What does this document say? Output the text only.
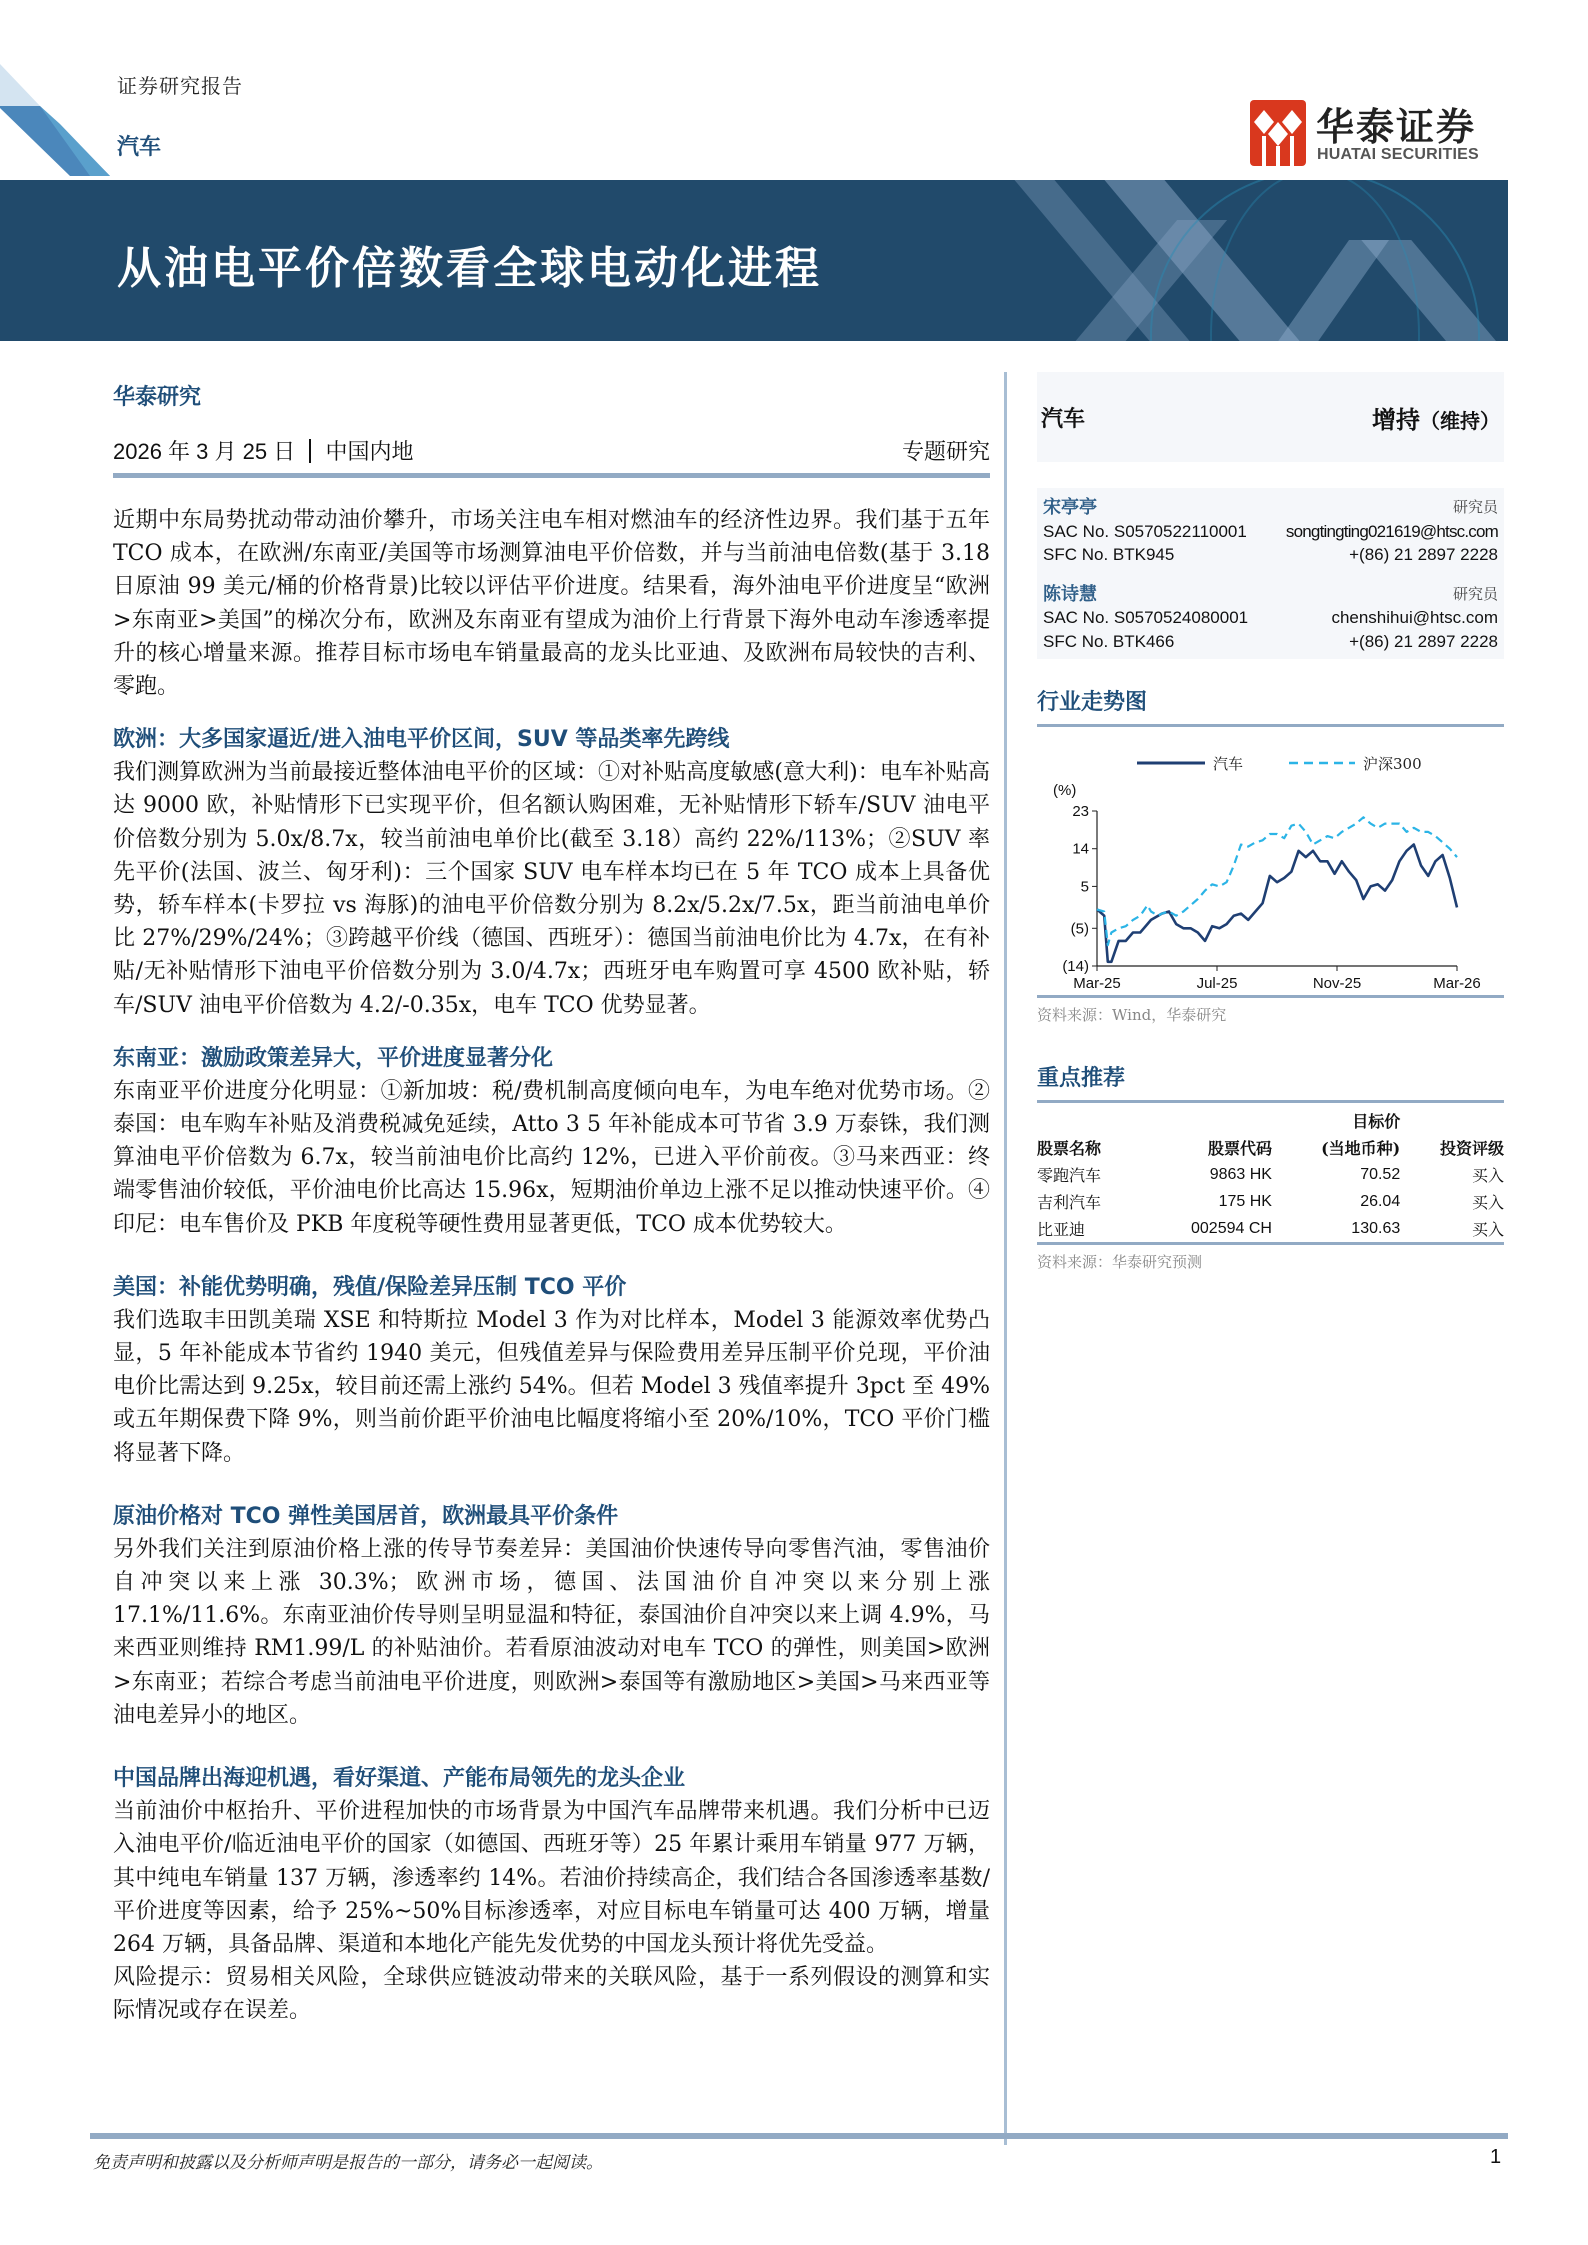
证券研究报告
汽车	华泰证券
HUATAI SECURITIES
从油电平价倍数看全球电动化进程
华泰研究
2026 年 3 月 25 日 中国内地	专题研究

近期中东局势扰动带动油价攀升，市场关注电车相对燃油车的经济性边界。我们基于五年 TCO 成本，在欧洲/东南亚/美国等市场测算油电平价倍数，并与当前油电倍数(基于 3.18 日原油 99 美元/桶的价格背景)比较以评估平价进度。结果看，海外油电平价进度呈“欧洲>东南亚>美国”的梯次分布，欧洲及东南亚有望成为油价上行背景下海外电动车渗透率提升的核心增量来源。推荐目标市场电车销量最高的龙头比亚迪、及欧洲布局较快的吉利、零跑。

欧洲：大多国家逼近/进入油电平价区间，SUV 等品类率先跨线

我们测算欧洲为当前最接近整体油电平价的区域：①对补贴高度敏感(意大利)：电车补贴高达 9000 欧，补贴情形下已实现平价，但名额认购困难，无补贴情形下轿车/SUV 油电平价倍数分别为 5.0x/8.7x，较当前油电单价比(截至 3.18）高约 22%/113%；②SUV 率先平价(法国、波兰、匈牙利)：三个国家 SUV 电车样本均已在 5 年 TCO 成本上具备优势，轿车样本(卡罗拉 vs 海豚)的油电平价倍数分别为 8.2x/5.2x/7.5x，距当前油电单价比 27%/29%/24%；③跨越平价线（德国、西班牙）：德国当前油电价比为 4.7x，在有补贴/无补贴情形下油电平价倍数分别为 3.0/4.7x；西班牙电车购置可享 4500 欧补贴，轿车/SUV 油电平价倍数为 4.2/-0.35x，电车 TCO 优势显著。

东南亚：激励政策差异大，平价进度显著分化

东南亚平价进度分化明显：①新加坡：税/费机制高度倾向电车，为电车绝对优势市场。②泰国：电车购车补贴及消费税减免延续，Atto 3 5 年补能成本可节省 3.9 万泰铢，我们测算油电平价倍数为 6.7x，较当前油电价比高约 12%，已进入平价前夜。③马来西亚：终端零售油价较低，平价油电价比高达 15.96x，短期油价单边上涨不足以推动快速平价。④印尼：电车售价及 PKB 年度税等硬性费用显著更低，TCO 成本优势较大。

美国：补能优势明确，残值/保险差异压制 TCO 平价

我们选取丰田凯美瑞 XSE 和特斯拉 Model 3 作为对比样本，Model 3 能源效率优势凸显，5 年补能成本节省约 1940 美元，但残值差异与保险费用差异压制平价兑现，平价油电价比需达到 9.25x，较目前还需上涨约 54%。但若 Model 3 残值率提升 3pct 至 49%或五年期保费下降 9%，则当前价距平价油电比幅度将缩小至 20%/10%，TCO 平价门槛将显著下降。

原油价格对 TCO 弹性美国居首，欧洲最具平价条件

另外我们关注到原油价格上涨的传导节奏差异：美国油价快速传导向零售汽油，零售油价自冲突以来上涨 30.3%；欧洲市场，德国、法国油价自冲突以来分别上涨 17.1%/11.6%。东南亚油价传导则呈明显温和特征，泰国油价自冲突以来上调 4.9%，马来西亚则维持 RM1.99/L 的补贴油价。若看原油波动对电车 TCO 的弹性，则美国>欧洲>东南亚；若综合考虑当前油电平价进度，则欧洲>泰国等有激励地区>美国>马来西亚等油电差异小的地区。

中国品牌出海迎机遇，看好渠道、产能布局领先的龙头企业

当前油价中枢抬升、平价进程加快的市场背景为中国汽车品牌带来机遇。我们分析中已迈入油电平价/临近油电平价的国家（如德国、西班牙等）25 年累计乘用车销量 977 万辆，其中纯电车销量 137 万辆，渗透率约 14%。若油价持续高企，我们结合各国渗透率基数/平价进度等因素，给予 25%~50%目标渗透率，对应目标电车销量可达 400 万辆，增量 264 万辆，具备品牌、渠道和本地化产能先发优势的中国龙头预计将优先受益。

风险提示：贸易相关风险，全球供应链波动带来的关联风险，基于一系列假设的测算和实际情况或存在误差。

汽车	增持（维持）
宋亭亭	研究员
SAC No. S0570522110001 songtingting021619@htsc.com
SFC No. BTK945	+(86) 21 2897 2228
陈诗慧	研究员
SAC No. S0570524080001	chenshihui@htsc.com
SFC No. BTK466	+(86) 21 2897 2228
行业走势图
汽车	沪深300
(%)
23
14
5
(5)
(14)
Mar-25	Jul-25	Nov-25	Mar-26
资料来源：Wind，华泰研究
重点推荐
		目标价	
股票名称	股票代码	(当地币种)	投资评级
零跑汽车	9863 HK	70.52	买入
吉利汽车	175 HK	26.04	买入
比亚迪	002594 CH	130.63	买入
资料来源：华泰研究预测
免责声明和披露以及分析师声明是报告的一部分，请务必一起阅读。	1
